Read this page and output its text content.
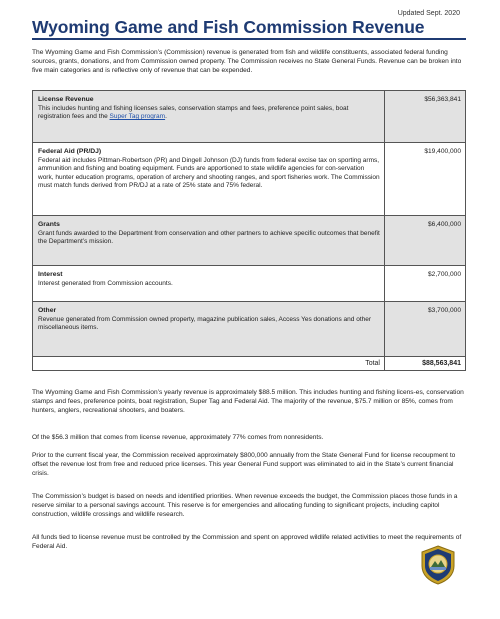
Updated Sept. 2020
Wyoming Game and Fish Commission Revenue
The Wyoming Game and Fish Commission’s (Commission) revenue is generated from fish and wildlife constituents, associated federal funding sources, grants, donations, and from Commission owned property. The Commission receives no State General Funds. Revenue can be broken into five main categories and is reflective only of revenue that can be expended.
License Revenue
This includes hunting and fishing licenses sales, conservation stamps and fees, preference point sales, boat registration fees and the Super Tag program.
$56,363,841
Federal Aid (PR/DJ)
Federal aid includes Pittman-Robertson (PR) and Dingell Johnson (DJ) funds from federal excise tax on sporting arms, ammunition and fishing and boating equipment. Funds are apportioned to state wildlife agencies for con-servation work, hunter education programs, operation of archery and shooting ranges, and sport fisheries work. The Commission must match funds derived from PR/DJ at a rate of 25% state and 75% federal.
$19,400,000
Grants
Grant funds awarded to the Department from conservation and other partners to achieve specific outcomes that benefit the Department’s mission.
$6,400,000
Interest
Interest generated from Commission accounts.
$2,700,000
Other
Revenue generated from Commission owned property, magazine publication sales, Access Yes donations and other miscellaneous items.
$3,700,000
Total	$88,563,841
The Wyoming Game and Fish Commission’s yearly revenue is approximately $88.5 million. This includes hunting and fishing licens-es, conservation stamps and fees, preference points, boat registration, Super Tag and Federal Aid. The majority of the revenue, $75.7 million or 85%, comes from hunters, anglers, recreational shooters, and boaters.
Of the $56.3 million that comes from license revenue, approximately 77% comes from nonresidents.
Prior to the current fiscal year, the Commission received approximately $800,000 annually from the State General Fund for license recoupment to offset the revenue lost from free and reduced price licenses. This year General Fund support was eliminated to aid in the State’s current financial crisis.
The Commission’s budget is based on needs and identified priorities. When revenue exceeds the budget, the Commission places those funds in a reserve similar to a personal savings account. This reserve is for emergencies and allocating funding to significant projects, including capitol construction, wildlife crossings and wildlife research.
All funds tied to license revenue must be controlled by the Commission and spent on approved wildlife related activities to meet the requirements of Federal Aid.
